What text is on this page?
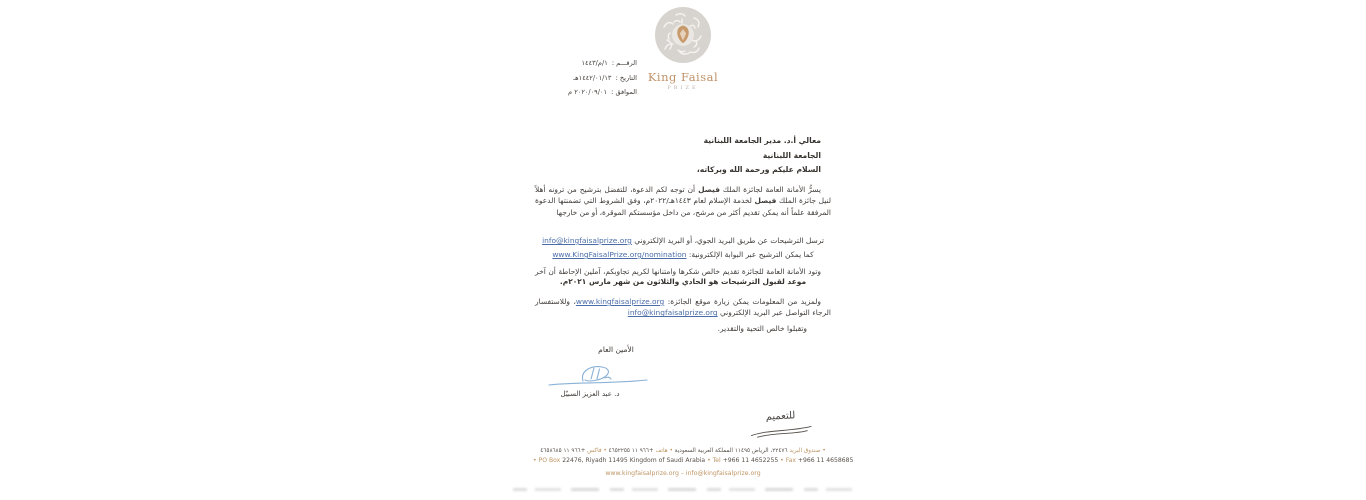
King Faisal
PRIZE
الرقـــم : ١/م/١٤٤٣
التاريخ : ١٤٤٢/٠١/١٣هـ
الموافق : ٢٠٢٠/٠٩/٠١ م
معالي أ.د. مدير الجامعة اللبنانية
الجامعة اللبنانية
السلام عليكم ورحمة الله وبركاته،

يسرُّ الأمانة العامة لجائزة الملك فيصل أن توجه لكم الدعوة، للتفضل بترشيح من ترونه أهلاً لنيل جائزة الملك فيصل لخدمة الإسلام لعام ١٤٤٣هـ/٢٠٢٢م، وفق الشروط التي تضمنتها الدعوة المرفقة علماً أنه يمكن تقديم أكثر من مرشح، من داخل مؤسستكم الموقرة، أو من خارجها

ترسل الترشيحات عن طريق البريد الجوي، أو البريد الإلكتروني info@kingfaisalprize.org
كما يمكن الترشيح عبر البوابة الإلكترونية: www.KingFaisalPrize.org/nomination

وتود الأمانة العامة للجائزة تقديم خالص شكرها وامتنانها لكريم تجاوبكم، آملين الإحاطة أن آخر

موعد لقبول الترشيحات هو الحادي والثلاثون من شهر مارس ٢٠٢١م.

ولمزيد من المعلومات يمكن زيارة موقع الجائزة: www.kingfaisalprize.org، وللاستفسار الرجاء التواصل عبر البريد الإلكتروني info@kingfaisalprize.org

وتقبلوا خالص التحية والتقدير.
الأمين العام
د. عبد العزيز السبيّل
للتعميم
• صندوق البريد ٢٢٤٧٦، الرياض ١١٤٩٥ المملكة العربية السعودية • هاتف +٩٦٦ ١١ ٤٦٥٢٢٥٥ • فاكس +٩٦٦ ١١ ٤٦٥٨٦٨٥
• PO Box 22476, Riyadh 11495 Kingdom of Saudi Arabia • Tel +966 11 4652255 • Fax +966 11 4658685
www.kingfaisalprize.org – info@kingfaisalprize.org
